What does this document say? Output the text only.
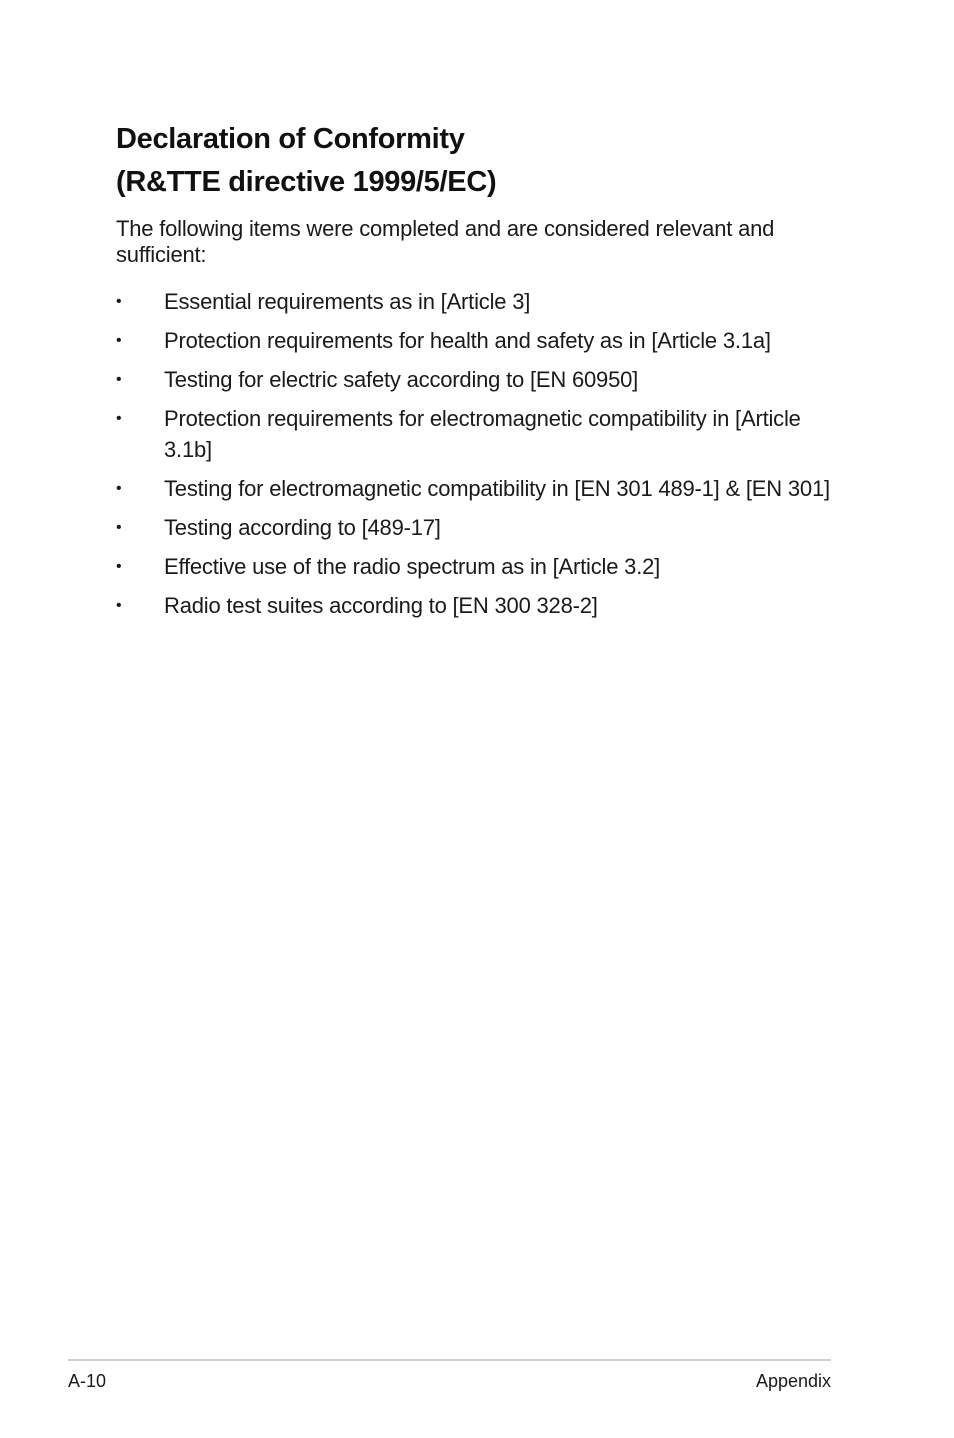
Declaration of Conformity
(R&TTE directive 1999/5/EC)

The following items were completed and are considered relevant and sufficient:

• Essential requirements as in [Article 3]
• Protection requirements for health and safety as in [Article 3.1a]
• Testing for electric safety according to [EN 60950]
• Protection requirements for electromagnetic compatibility in [Article 3.1b]
• Testing for electromagnetic compatibility in [EN 301 489-1] & [EN 301]
• Testing according to [489-17]
• Effective use of the radio spectrum as in [Article 3.2]
• Radio test suites according to [EN 300 328-2]
A-10	Appendix
